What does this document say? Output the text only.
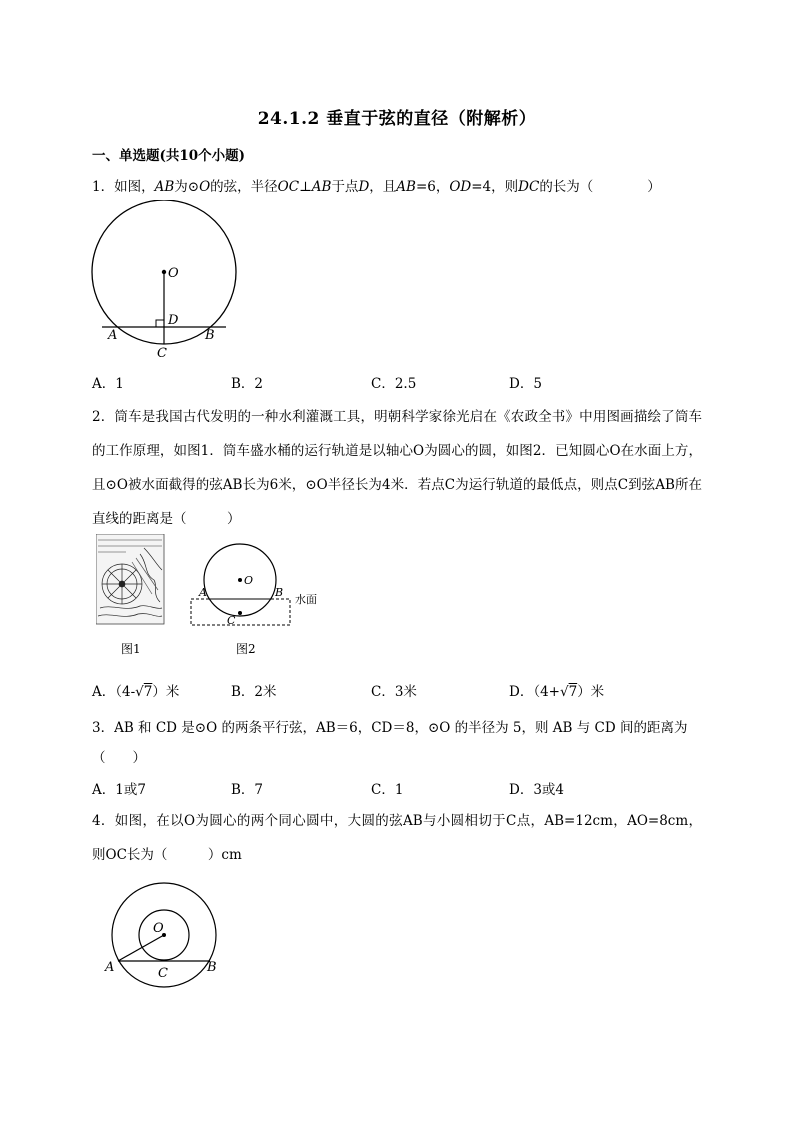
24.1.2 垂直于弦的直径（附解析）
一、单选题(共10个小题)
1．如图，AB为⊙O的弦，半径OC⊥AB于点D，且AB=6，OD=4，则DC的长为（　　　　）
O
D
A	B
C
A．1	B．2	C．2.5	D．5
2．筒车是我国古代发明的一种水利灌溉工具，明朝科学家徐光启在《农政全书》中用图画描绘了筒车的工作原理，如图1．筒车盛水桶的运行轨道是以轴心O为圆心的圆，如图2．已知圆心O在水面上方，且⊙O被水面截得的弦AB长为6米，⊙O半径长为4米．若点C为运行轨道的最低点，则点C到弦AB所在直线的距离是（　　　）
O
A	B
C
水面
图1	图2
A．（4-√7）米	B．2米	C．3米	D．（4+√7）米
3．AB 和 CD 是⊙O 的两条平行弦，AB＝6，CD＝8，⊙O 的半径为 5，则 AB 与 CD 间的距离为
（　　）
A．1或7	B．7	C．1	D．3或4
4．如图，在以O为圆心的两个同心圆中，大圆的弦AB与小圆相切于C点，AB=12cm，AO=8cm，则OC长为（　　　）cm
O
A	C	B
